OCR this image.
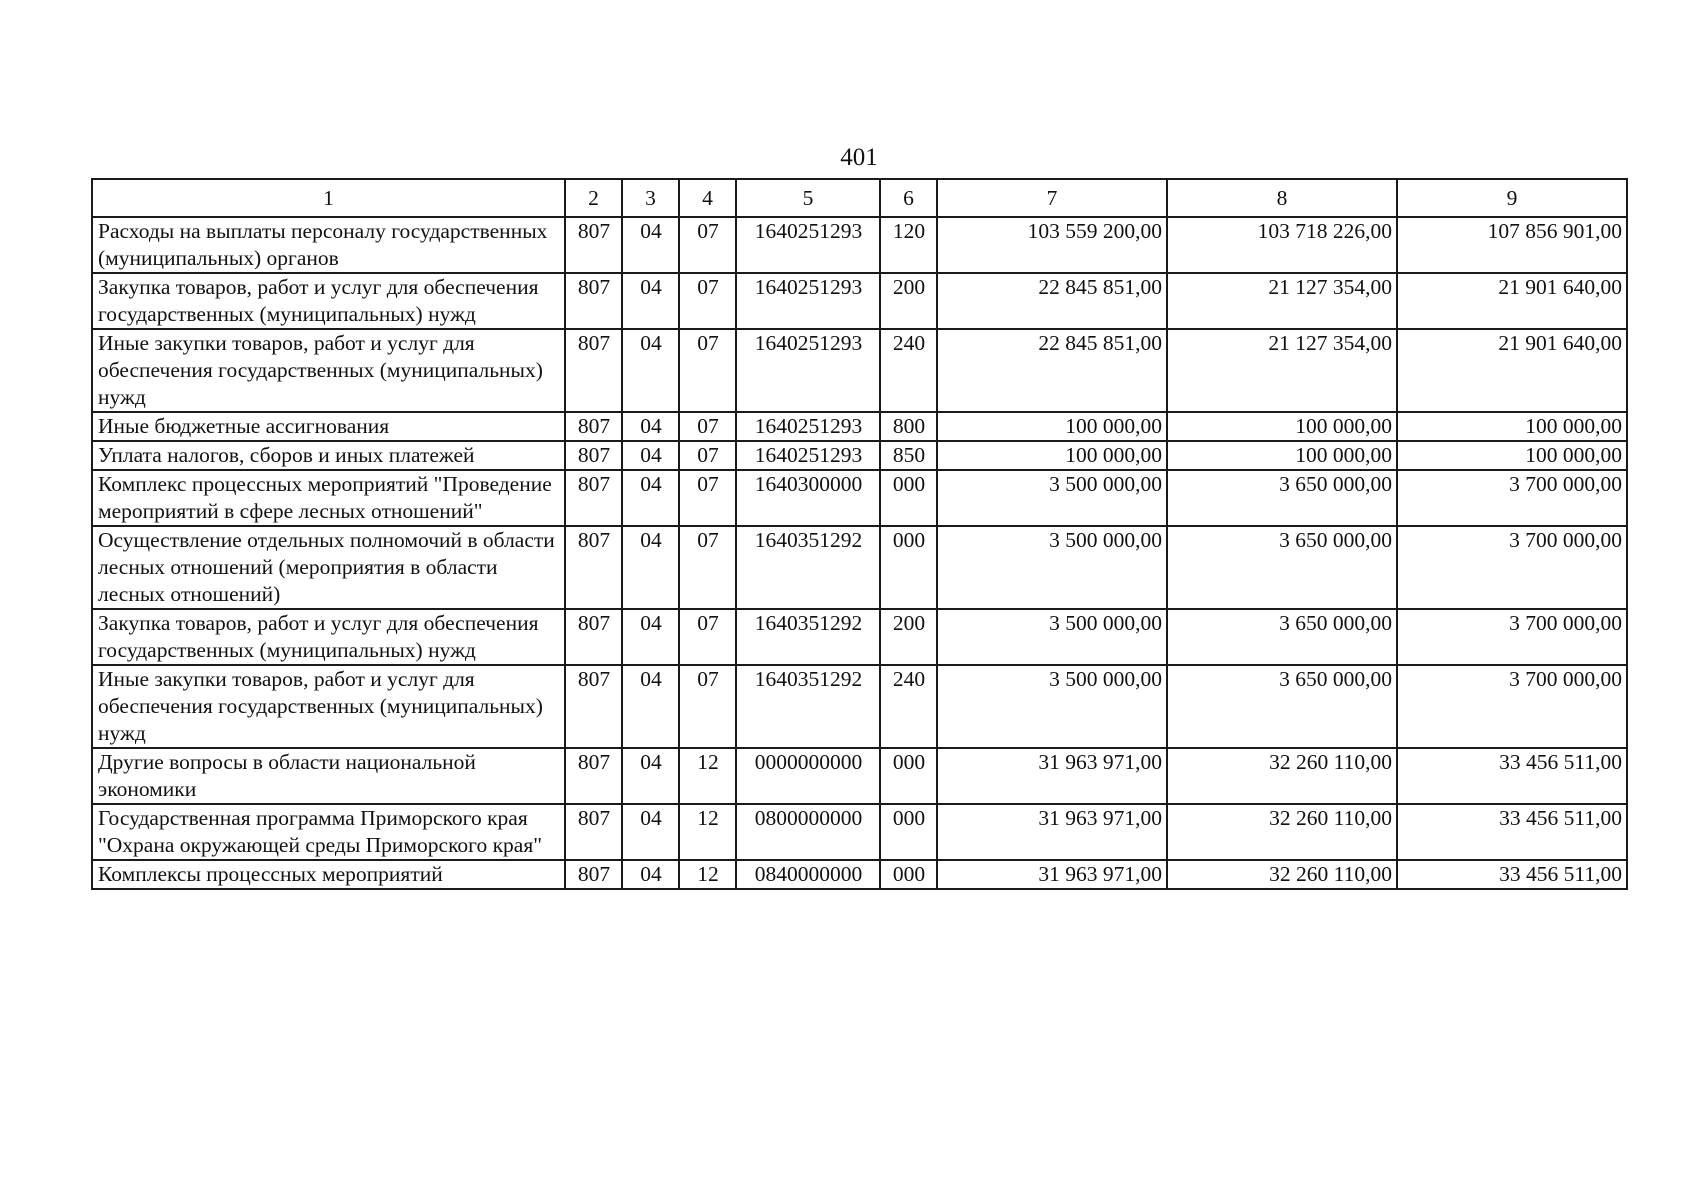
401
1	2	3	4	5	6	7	8	9
Расходы на выплаты персоналу государственных (муниципальных) органов	807	04	07	1640251293	120	103 559 200,00	103 718 226,00	107 856 901,00
Закупка товаров, работ и услуг для обеспечения государственных (муниципальных) нужд	807	04	07	1640251293	200	22 845 851,00	21 127 354,00	21 901 640,00
Иные закупки товаров, работ и услуг для обеспечения государственных (муниципальных) нужд	807	04	07	1640251293	240	22 845 851,00	21 127 354,00	21 901 640,00
Иные бюджетные ассигнования	807	04	07	1640251293	800	100 000,00	100 000,00	100 000,00
Уплата налогов, сборов и иных платежей	807	04	07	1640251293	850	100 000,00	100 000,00	100 000,00
Комплекс процессных мероприятий "Проведение мероприятий в сфере лесных отношений"	807	04	07	1640300000	000	3 500 000,00	3 650 000,00	3 700 000,00
Осуществление отдельных полномочий в области лесных отношений (мероприятия в области лесных отношений)	807	04	07	1640351292	000	3 500 000,00	3 650 000,00	3 700 000,00
Закупка товаров, работ и услуг для обеспечения государственных (муниципальных) нужд	807	04	07	1640351292	200	3 500 000,00	3 650 000,00	3 700 000,00
Иные закупки товаров, работ и услуг для обеспечения государственных (муниципальных) нужд	807	04	07	1640351292	240	3 500 000,00	3 650 000,00	3 700 000,00
Другие вопросы в области национальной экономики	807	04	12	0000000000	000	31 963 971,00	32 260 110,00	33 456 511,00
Государственная программа Приморского края "Охрана окружающей среды Приморского края"	807	04	12	0800000000	000	31 963 971,00	32 260 110,00	33 456 511,00
Комплексы процессных мероприятий	807	04	12	0840000000	000	31 963 971,00	32 260 110,00	33 456 511,00
